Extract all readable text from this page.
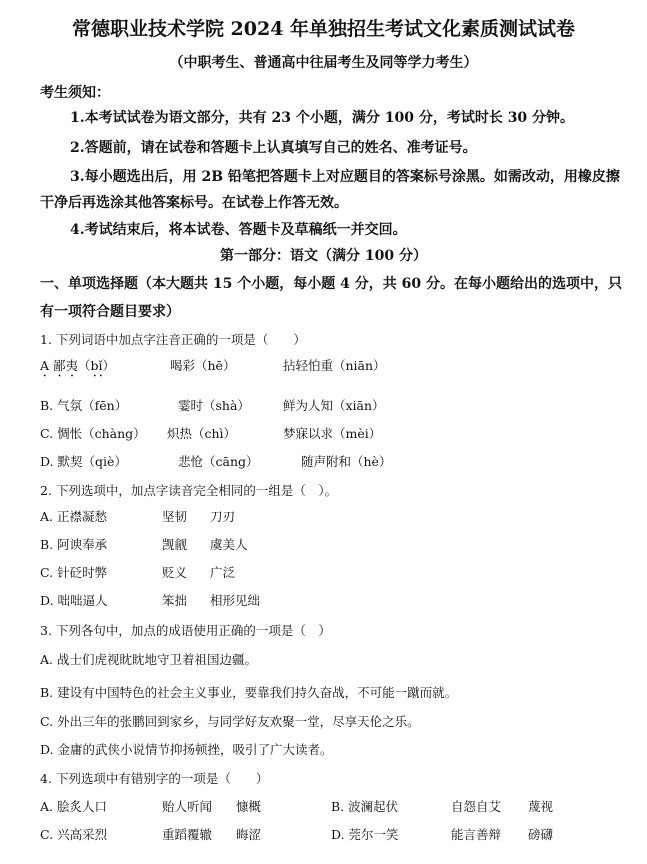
常德职业技术学院 2024 年单独招生考试文化素质测试试卷
（中职考生、普通高中往届考生及同等学力考生）
考生须知：
1.本考试试卷为语文部分，共有 23 个小题，满分 100 分，考试时长 30 分钟。
2.答题前，请在试卷和答题卡上认真填写自己的姓名、准考证号。
3.每小题选出后，用 2B 铅笔把答题卡上对应题目的答案标号涂黑。如需改动，用橡皮擦
干净后再选涂其他答案标号。在试卷上作答无效。
4.考试结束后，将本试卷、答题卡及草稿纸一并交回。
第一部分：语文（满分 100 分）
一、单项选择题（本大题共 15 个小题，每小题 4 分，共 60 分。在每小题给出的选项中，只
有一项符合题目要求）
1. 下列词语中加点字注音正确的一项是（　　）
A 鄙夷（bǐ）	喝彩（hē）	拈轻怕重（niān）
B. 气氛（fēn）	霎时（shà）	鲜为人知（xiān）
C. 惆怅（chàng） 炽热（chì）	梦寐以求（mèi）
D. 默契（qiè）	悲怆（cāng）	随声附和（hè）
2. 下列选项中，加点字读音完全相同的一组是（　）。
A. 正襟凝愁	坚韧 刀刃
B. 阿谀奉承	觊觎 虞美人
C. 针砭时弊	贬义 广泛
D. 咄咄逼人	笨拙 相形见绌
3. 下列各句中，加点的成语使用正确的一项是（　）
A. 战士们虎视眈眈地守卫着祖国边疆。
B. 建设有中国特色的社会主义事业，要靠我们持久奋战，不可能一蹴而就。
C. 外出三年的张鹏回到家乡，与同学好友欢聚一堂，尽享天伦之乐。
D. 金庸的武侠小说情节抑扬顿挫，吸引了广大读者。
4. 下列选项中有错别字的一项是（　　）
A. 脍炙人口	贻人听闻 慷概	B. 波澜起伏	自怨自艾 蔑视
C. 兴高采烈	重蹈覆辙 晦涩	D. 莞尔一笑	能言善辩 磅礴
